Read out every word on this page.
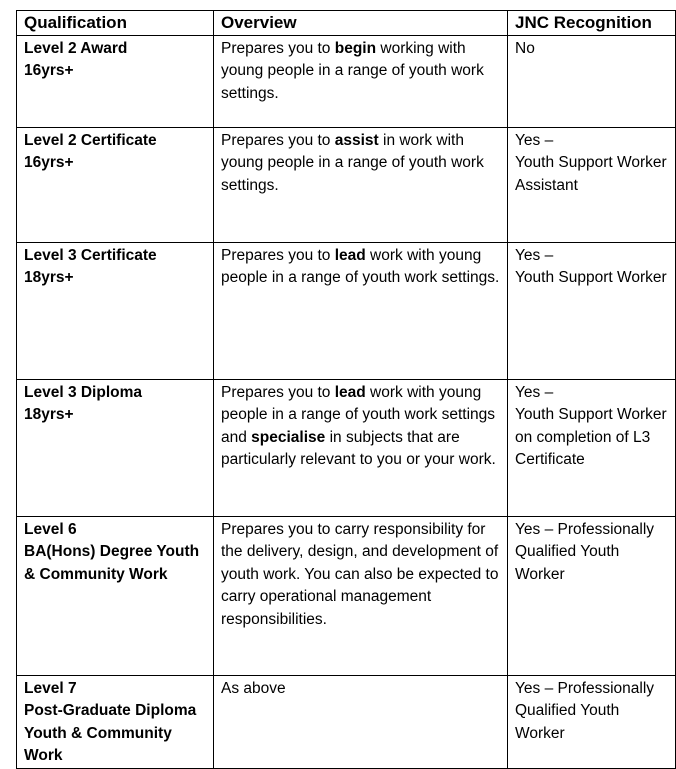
Qualification	Overview	JNC Recognition

Level 2 Award
16yrs+	Prepares you to begin working with young people in a range of youth work settings.	No

Level 2 Certificate
16yrs+	Prepares you to assist in work with young people in a range of youth work settings.	Yes –
Youth Support Worker Assistant

Level 3 Certificate
18yrs+	Prepares you to lead work with young people in a range of youth work settings.	Yes –
Youth Support Worker

Level 3 Diploma
18yrs+	Prepares you to lead work with young people in a range of youth work settings and specialise in subjects that are particularly relevant to you or your work.	Yes –
Youth Support Worker on completion of L3 Certificate

Level 6
BA(Hons) Degree Youth & Community Work	Prepares you to carry responsibility for the delivery, design, and development of youth work. You can also be expected to carry operational management responsibilities.	Yes – Professionally Qualified Youth Worker

Level 7
Post-Graduate Diploma Youth & Community Work	As above	Yes – Professionally Qualified Youth Worker
